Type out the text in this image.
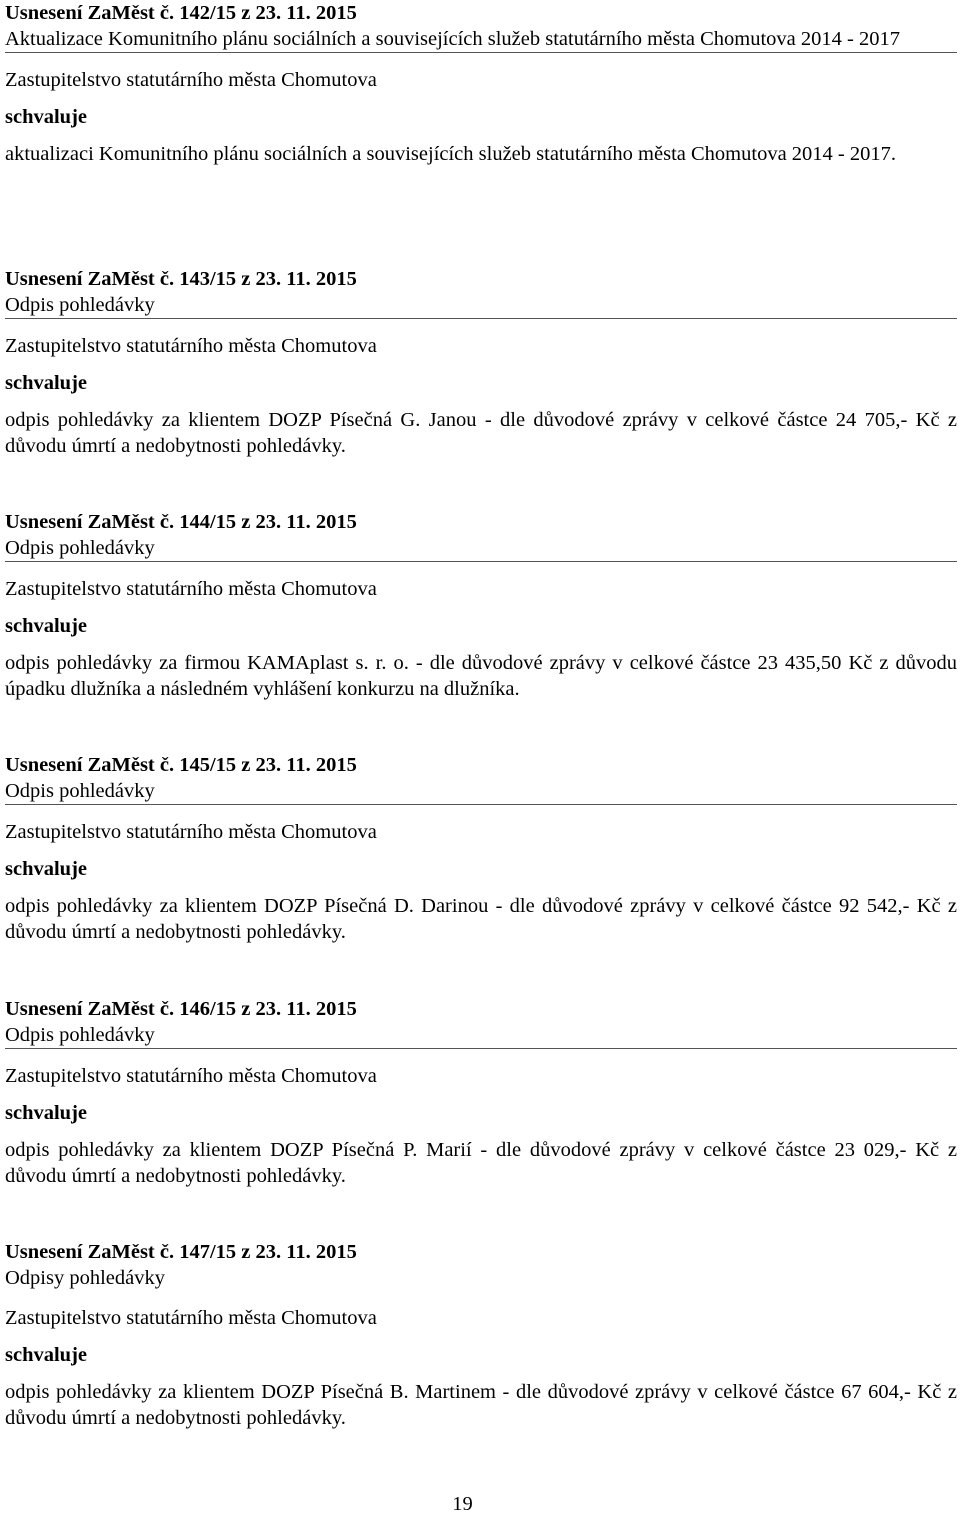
Usnesení ZaMěst č. 142/15 z 23. 11. 2015

Aktualizace Komunitního plánu sociálních a souvisejících služeb statutárního města Chomutova 2014 - 2017

Zastupitelstvo statutárního města Chomutova

schvaluje

aktualizaci Komunitního plánu sociálních a souvisejících služeb statutárního města Chomutova 2014 - 2017.

Usnesení ZaMěst č. 143/15 z 23. 11. 2015

Odpis pohledávky

Zastupitelstvo statutárního města Chomutova

schvaluje

odpis pohledávky za klientem DOZP Písečná G. Janou - dle důvodové zprávy v celkové částce 24 705,- Kč z důvodu úmrtí a nedobytnosti pohledávky.

Usnesení ZaMěst č. 144/15 z 23. 11. 2015

Odpis pohledávky

Zastupitelstvo statutárního města Chomutova

schvaluje

odpis pohledávky za firmou KAMAplast s. r. o. - dle důvodové zprávy v celkové částce 23 435,50 Kč z důvodu úpadku dlužníka a následném vyhlášení konkurzu na dlužníka.

Usnesení ZaMěst č. 145/15 z 23. 11. 2015

Odpis pohledávky

Zastupitelstvo statutárního města Chomutova

schvaluje

odpis pohledávky za klientem DOZP Písečná D. Darinou - dle důvodové zprávy v celkové částce 92 542,- Kč z důvodu úmrtí a nedobytnosti pohledávky.

Usnesení ZaMěst č. 146/15 z 23. 11. 2015

Odpis pohledávky

Zastupitelstvo statutárního města Chomutova

schvaluje

odpis pohledávky za klientem DOZP Písečná P. Marií - dle důvodové zprávy v celkové částce 23 029,- Kč z důvodu úmrtí a nedobytnosti pohledávky.

Usnesení ZaMěst č. 147/15 z 23. 11. 2015

Odpisy pohledávky

Zastupitelstvo statutárního města Chomutova

schvaluje

odpis pohledávky za klientem DOZP Písečná B. Martinem - dle důvodové zprávy v celkové částce 67 604,- Kč z důvodu úmrtí a nedobytnosti pohledávky.

19
